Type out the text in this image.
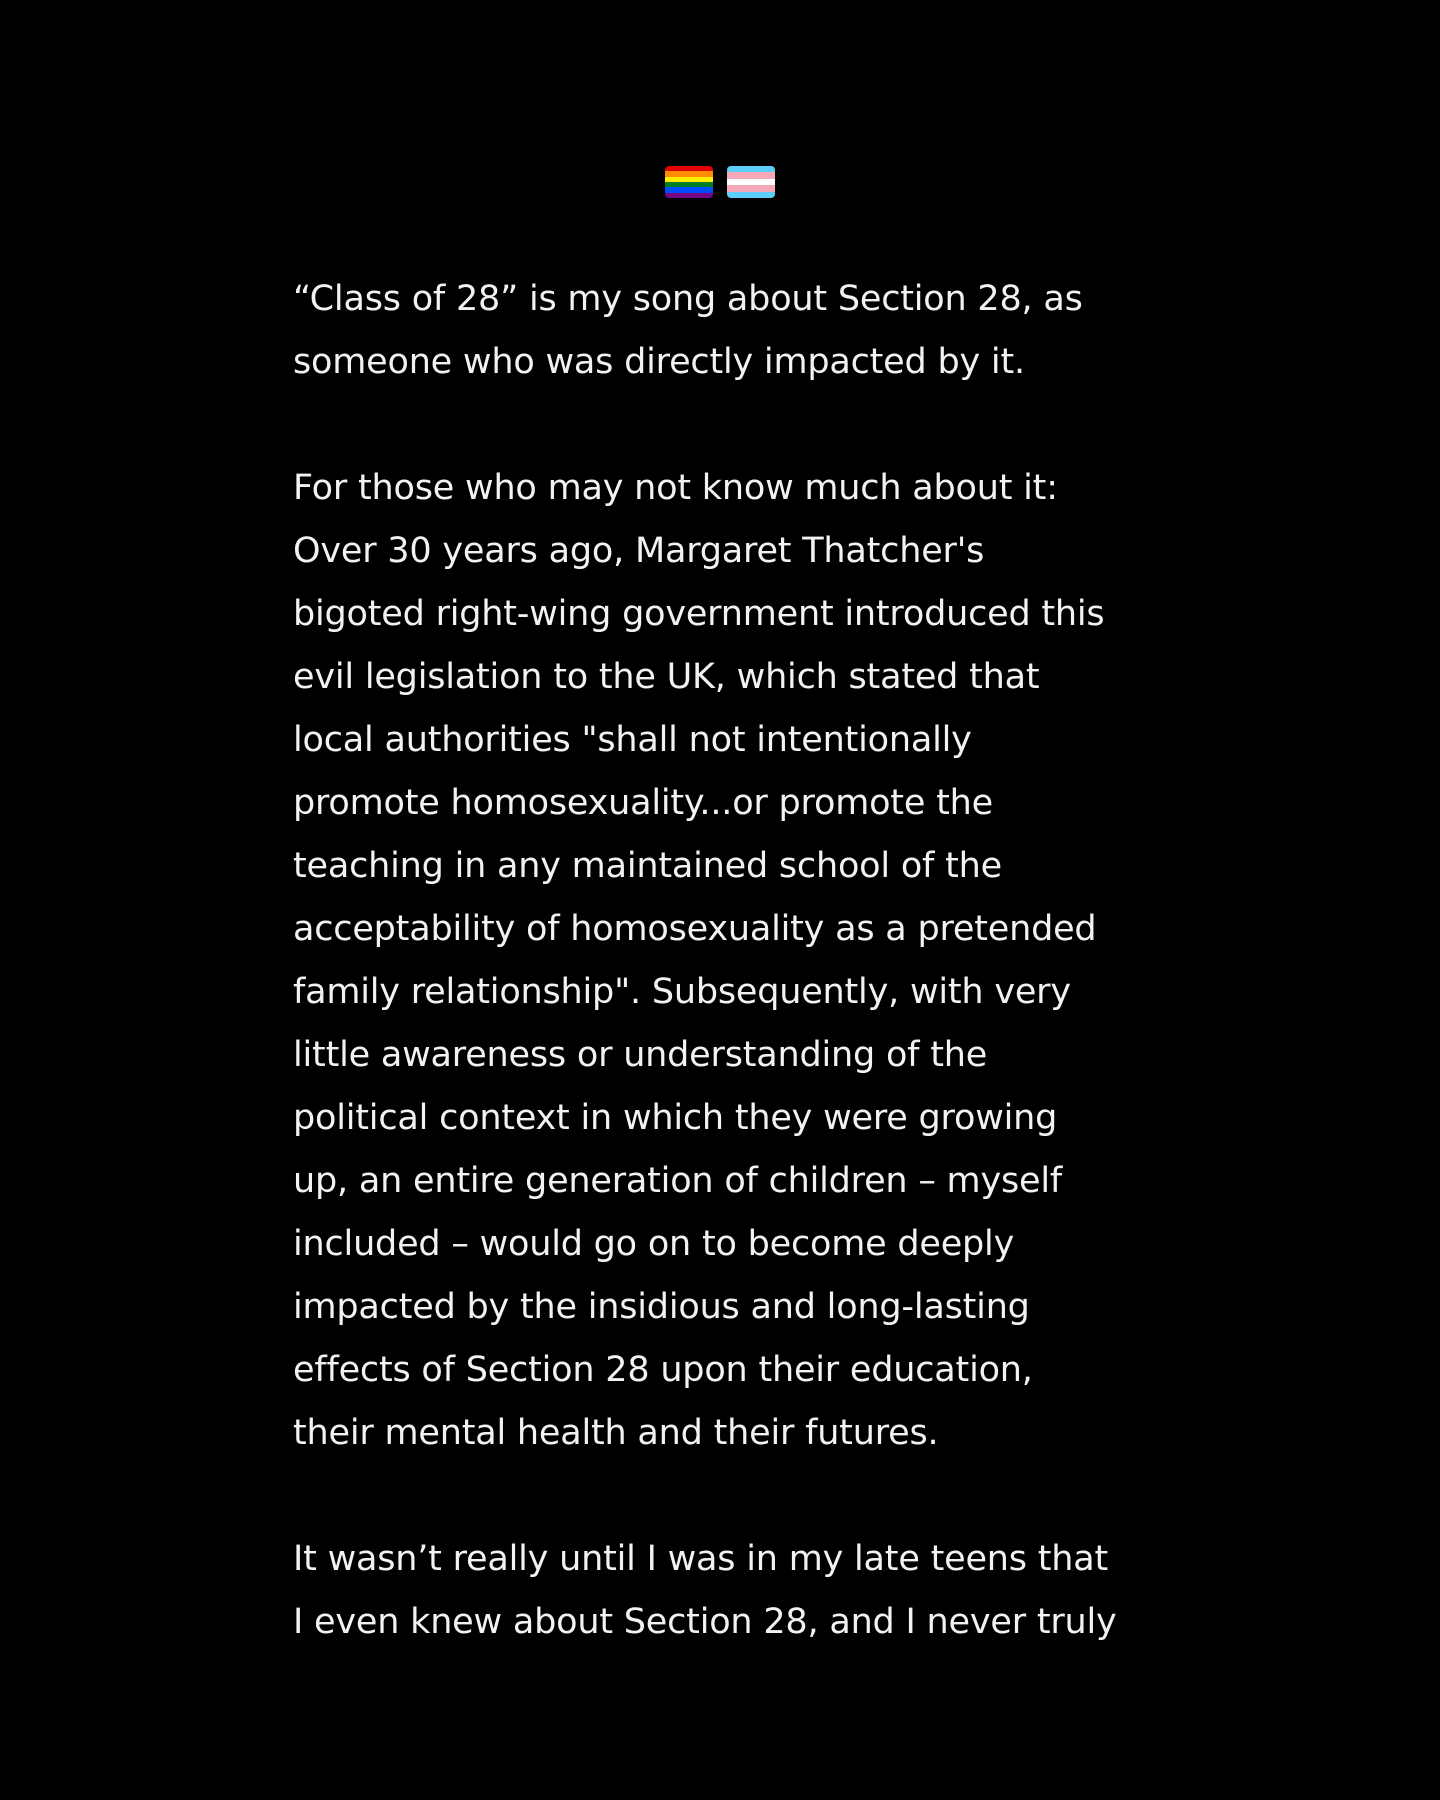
“Class of 28” is my song about Section 28, as
someone who was directly impacted by it.

For those who may not know much about it:
Over 30 years ago, Margaret Thatcher's
bigoted right-wing government introduced this
evil legislation to the UK, which stated that
local authorities "shall not intentionally
promote homosexuality...or promote the
teaching in any maintained school of the
acceptability of homosexuality as a pretended
family relationship". Subsequently, with very
little awareness or understanding of the
political context in which they were growing
up, an entire generation of children – myself
included – would go on to become deeply
impacted by the insidious and long-lasting
effects of Section 28 upon their education,
their mental health and their futures.

It wasn’t really until I was in my late teens that
I even knew about Section 28, and I never truly
